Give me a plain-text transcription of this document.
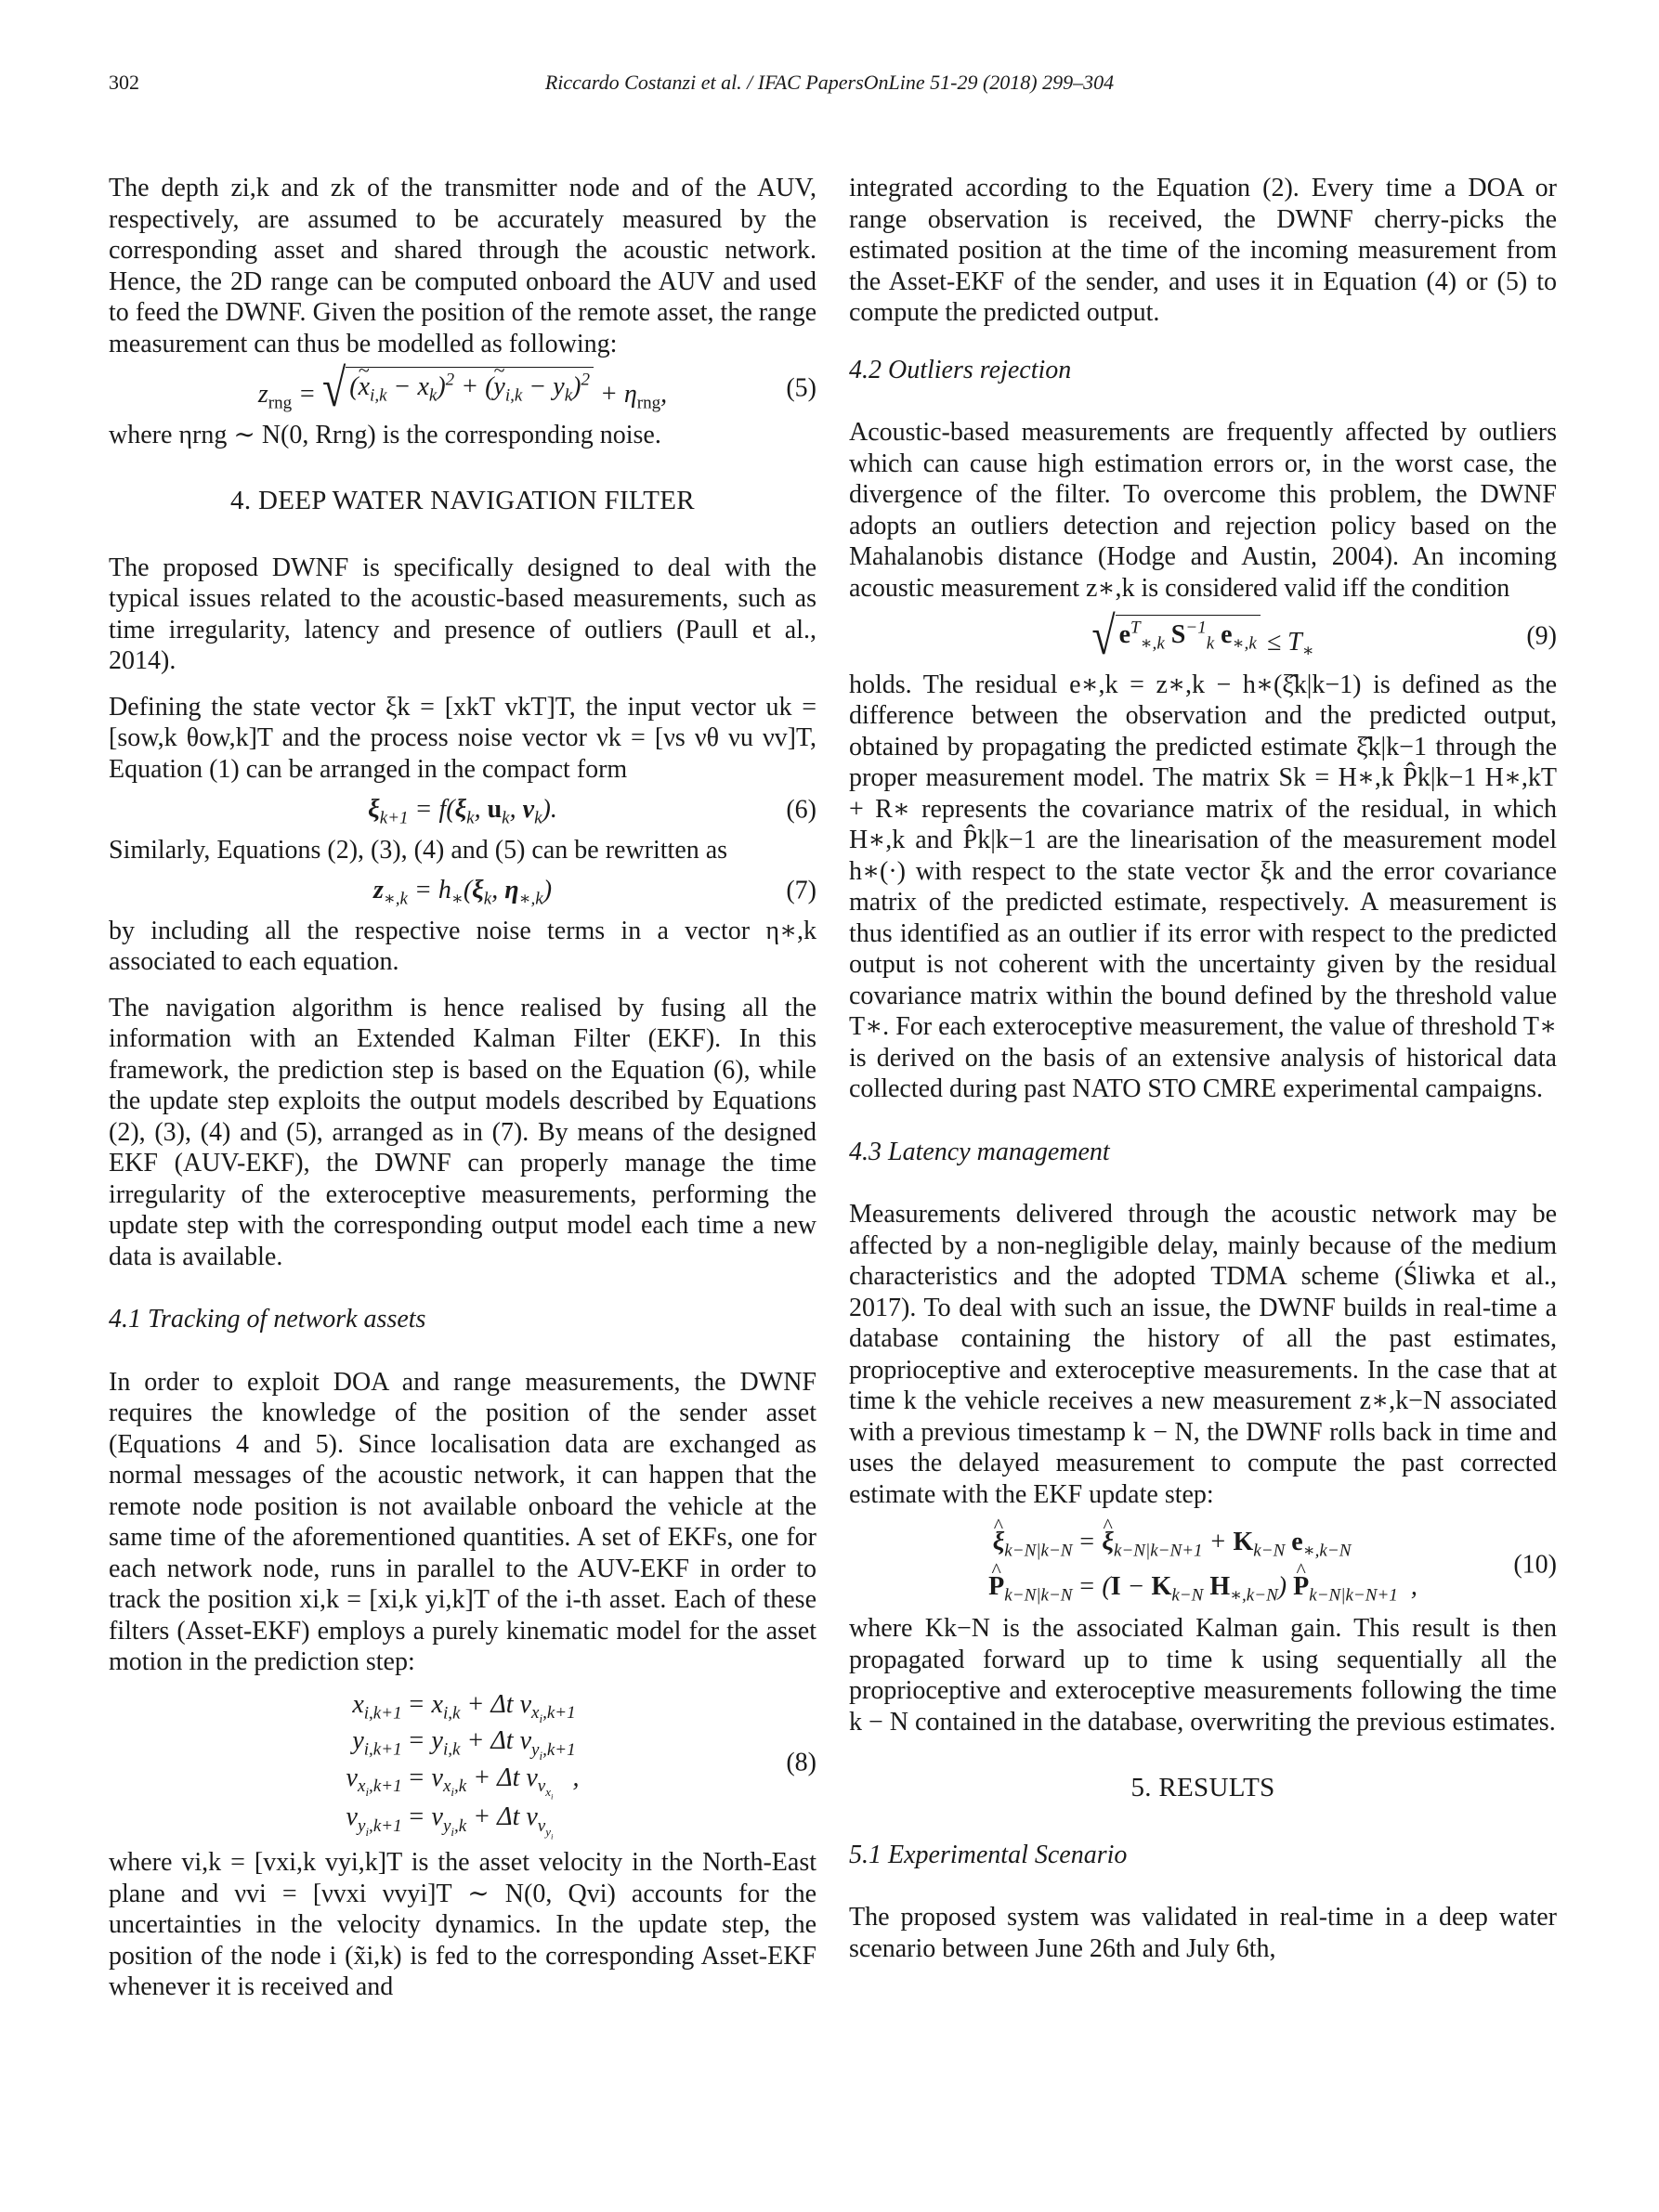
302	Riccardo Costanzi et al. / IFAC PapersOnLine 51-29 (2018) 299–304

The depth zi,k and zk of the transmitter node and of the AUV, respectively, are assumed to be accurately measured by the corresponding asset and shared through the acoustic network. Hence, the 2D range can be computed onboard the AUV and used to feed the DWNF. Given the position of the remote asset, the range measurement can thus be modelled as following:

$z_{rng}$ = √ (x $\sim_{i,k} - x_k)^2 + (y$ $\sim_{i,k} - y_k)^2 + \eta_{rng}$,	(5)

where ηrng ∼ N(0, Rrng) is the corresponding noise.

4. DEEP WATER NAVIGATION FILTER

The proposed DWNF is specifically designed to deal with the typical issues related to the acoustic-based measurements, such as time irregularity, latency and presence of outliers (Paull et al., 2014).

Defining the state vector ξk = [xkT vkT]T, the input vector uk = [sow,k θow,k]T and the process noise vector νk = [νs νθ νu νv]T, Equation (1) can be arranged in the compact form

$\xi_{k+1} = f(\xi_k$, $u_k$, $\nu_k$).	(6)

Similarly, Equations (2), (3), (4) and (5) can be rewritten as

$z_{∗,k} = h_∗(\xi_k$, $\eta_{∗,k}$)	(7)

by including all the respective noise terms in a vector η∗,k associated to each equation.

The navigation algorithm is hence realised by fusing all the information with an Extended Kalman Filter (EKF). In this framework, the prediction step is based on the Equation (6), while the update step exploits the output models described by Equations (2), (3), (4) and (5), arranged as in (7). By means of the designed EKF (AUV-EKF), the DWNF can properly manage the time irregularity of the exteroceptive measurements, performing the update step with the corresponding output model each time a new data is available.

4.1 Tracking of network assets

In order to exploit DOA and range measurements, the DWNF requires the knowledge of the position of the sender asset (Equations 4 and 5). Since localisation data are exchanged as normal messages of the acoustic network, it can happen that the remote node position is not available onboard the vehicle at the same time of the aforementioned quantities. A set of EKFs, one for each network node, runs in parallel to the AUV-EKF in order to track the position xi,k = [xi,k yi,k]T of the i-th asset. Each of these filters (Asset-EKF) employs a purely kinematic model for the asset motion in the prediction step:

$x_{i,k+1} = x_{i,k} + \Delta t$ $v_{x_i,k+1}$
$y_{i,k+1} = y_{i,k} + \Delta t$ $v_{y_i,k+1}$
$v_{x_i,k+1} = v_{x_i,k} + \Delta t$ $\nu_{v_{x_i}}$   ,
$v_{y_i,k+1} = v_{y_i,k} + \Delta t$ $\nu_{v_{y_i}}$
(8)

where vi,k = [vxi,k vyi,k]T is the asset velocity in the North-East plane and νvi = [νvxi νvyi]T ∼ N(0, Qvi) accounts for the uncertainties in the velocity dynamics. In the update step, the position of the node i (x̃i,k) is fed to the corresponding Asset-EKF whenever it is received and

integrated according to the Equation (2). Every time a DOA or range observation is received, the DWNF cherry-picks the estimated position at the time of the incoming measurement from the Asset-EKF of the sender, and uses it in Equation (4) or (5) to compute the predicted output.

4.2 Outliers rejection

Acoustic-based measurements are frequently affected by outliers which can cause high estimation errors or, in the worst case, the divergence of the filter. To overcome this problem, the DWNF adopts an outliers detection and rejection policy based on the Mahalanobis distance (Hodge and Austin, 2004). An incoming acoustic measurement z∗,k is considered valid iff the condition

√ $e^T_{∗,k}$ $S^{-1}_k$ $e_{∗,k} \le T_∗$
(9)

holds. The residual e∗,k = z∗,k − h∗(ξ̂k|k−1) is defined as the difference between the observation and the predicted output, obtained by propagating the predicted estimate ξ̂k|k−1 through the proper measurement model. The matrix Sk = H∗,k P̂k|k−1 H∗,kT + R∗ represents the covariance matrix of the residual, in which H∗,k and P̂k|k−1 are the linearisation of the measurement model h∗(·) with respect to the state vector ξk and the error covariance matrix of the predicted estimate, respectively. A measurement is thus identified as an outlier if its error with respect to the predicted output is not coherent with the uncertainty given by the residual covariance matrix within the bound defined by the threshold value T∗. For each exteroceptive measurement, the value of threshold T∗ is derived on the basis of an extensive analysis of historical data collected during past NATO STO CMRE experimental campaigns.

4.3 Latency management

Measurements delivered through the acoustic network may be affected by a non-negligible delay, mainly because of the medium characteristics and the adopted TDMA scheme (Śliwka et al., 2017). To deal with such an issue, the DWNF builds in real-time a database containing the history of all the past estimates, proprioceptive and exteroceptive measurements. In the case that at time k the vehicle receives a new measurement z∗,k−N associated with a previous timestamp k − N, the DWNF rolls back in time and uses the delayed measurement to compute the past corrected estimate with the EKF update step:

ξ $\^{}_{k-N|k-N} = \xi$ $\^{}_{k-N|k-N+1} + K_{k-N}$ $e_{∗,k-N}$
P $\^{}_{k-N|k-N} = (I - K_{k-N}$ $H_{∗,k-N}$) P $\^{}_{k-N|k-N+1}$  ,
(10)

where Kk−N is the associated Kalman gain. This result is then propagated forward up to time k using sequentially all the proprioceptive and exteroceptive measurements following the time k − N contained in the database, overwriting the previous estimates.

5. RESULTS
5.1 Experimental Scenario

The proposed system was validated in real-time in a deep water scenario between June 26th and July 6th,
